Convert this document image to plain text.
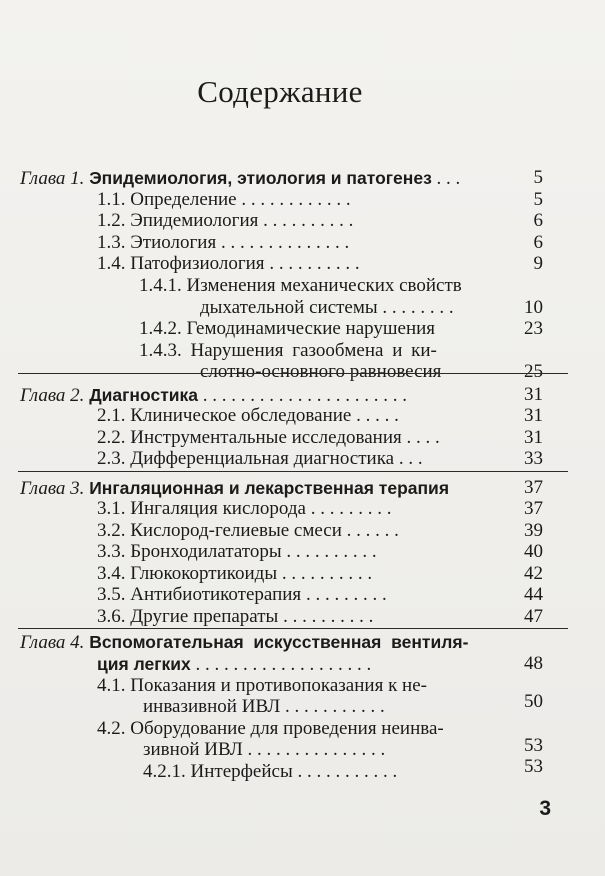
Содержание
Глава 1. Эпидемиология, этиология и патогенез . . .	5
1.1. Определение . . . . . . . . . . . .	5
1.2. Эпидемиология . . . . . . . . . .	6
1.3. Этиология . . . . . . . . . . . . . .	6
1.4. Патофизиология . . . . . . . . . .	9
1.4.1. Изменения механических свойств
дыхательной системы . . . . . . . .	10
1.4.2. Гемодинамические нарушения	23
1.4.3. Нарушения газообмена и ки-
слотно-основного равновесия	25
Глава 2. Диагностика . . . . . . . . . . . . . . . . . . . . . .	31
2.1. Клиническое обследование . . . . .	31
2.2. Инструментальные исследования . . . .	31
2.3. Дифференциальная диагностика . . .	33
Глава 3. Ингаляционная и лекарственная терапия	37
3.1. Ингаляция кислорода . . . . . . . . .	37
3.2. Кислород-гелиевые смеси . . . . . .	39
3.3. Бронходилататоры . . . . . . . . . .	40
3.4. Глюкокортикоиды . . . . . . . . . .	42
3.5. Антибиотикотерапия . . . . . . . . .	44
3.6. Другие препараты . . . . . . . . . .	47
Глава 4. Вспомогательная  искусственная  вентиля-
ция легких . . . . . . . . . . . . . . . . . . .	48
4.1. Показания и противопоказания к не-
инвазивной ИВЛ . . . . . . . . . . .	50
4.2. Оборудование для проведения неинва-
зивной ИВЛ . . . . . . . . . . . . . . .	53
4.2.1. Интерфейсы . . . . . . . . . . .	53
3
